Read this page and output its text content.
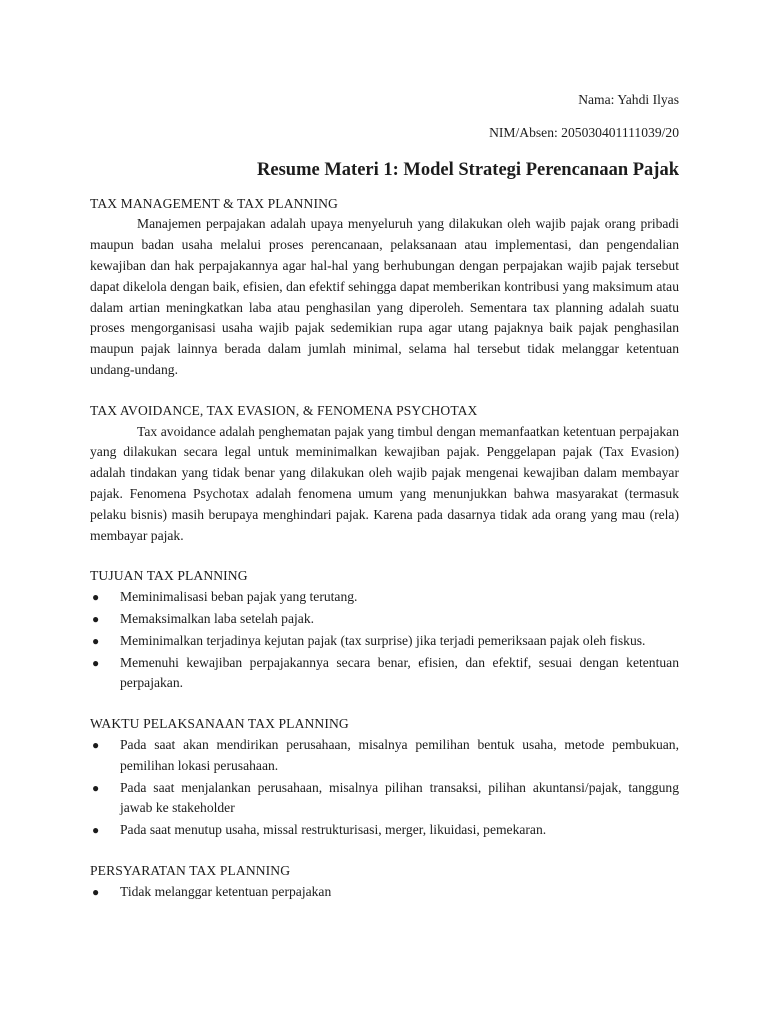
Nama: Yahdi Ilyas

NIM/Absen: 205030401111039/20

Resume Materi 1: Model Strategi Perencanaan Pajak

TAX MANAGEMENT & TAX PLANNING

Manajemen perpajakan adalah upaya menyeluruh yang dilakukan oleh wajib pajak orang pribadi maupun badan usaha melalui proses perencanaan, pelaksanaan atau implementasi, dan pengendalian kewajiban dan hak perpajakannya agar hal-hal yang berhubungan dengan perpajakan wajib pajak tersebut dapat dikelola dengan baik, efisien, dan efektif sehingga dapat memberikan kontribusi yang maksimum atau dalam artian meningkatkan laba atau penghasilan yang diperoleh. Sementara tax planning adalah suatu proses mengorganisasi usaha wajib pajak sedemikian rupa agar utang pajaknya baik pajak penghasilan maupun pajak lainnya berada dalam jumlah minimal, selama hal tersebut tidak melanggar ketentuan undang-undang.

TAX AVOIDANCE, TAX EVASION, & FENOMENA PSYCHOTAX

Tax avoidance adalah penghematan pajak yang timbul dengan memanfaatkan ketentuan perpajakan yang dilakukan secara legal untuk meminimalkan kewajiban pajak. Penggelapan pajak (Tax Evasion) adalah tindakan yang tidak benar yang dilakukan oleh wajib pajak mengenai kewajiban dalam membayar pajak. Fenomena Psychotax adalah fenomena umum yang menunjukkan bahwa masyarakat (termasuk pelaku bisnis) masih berupaya menghindari pajak. Karena pada dasarnya tidak ada orang yang mau (rela) membayar pajak.

TUJUAN TAX PLANNING

● Meminimalisasi beban pajak yang terutang.
● Memaksimalkan laba setelah pajak.
● Meminimalkan terjadinya kejutan pajak (tax surprise) jika terjadi pemeriksaan pajak oleh fiskus.
● Memenuhi kewajiban perpajakannya secara benar, efisien, dan efektif, sesuai dengan ketentuan perpajakan.

WAKTU PELAKSANAAN TAX PLANNING

● Pada saat akan mendirikan perusahaan, misalnya pemilihan bentuk usaha, metode pembukuan, pemilihan lokasi perusahaan.
● Pada saat menjalankan perusahaan, misalnya pilihan transaksi, pilihan akuntansi/pajak, tanggung jawab ke stakeholder
● Pada saat menutup usaha, missal restrukturisasi, merger, likuidasi, pemekaran.

PERSYARATAN TAX PLANNING

● Tidak melanggar ketentuan perpajakan
